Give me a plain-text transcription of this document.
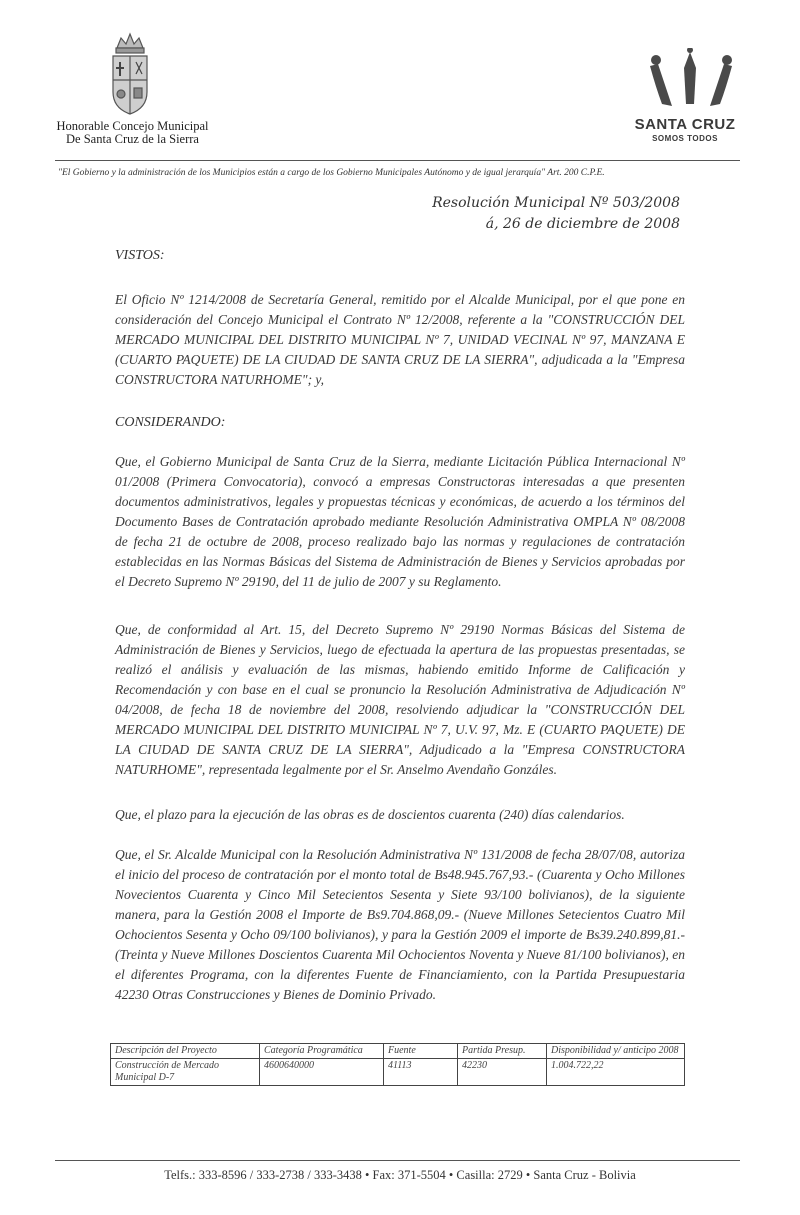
Honorable Concejo Municipal
De Santa Cruz de la Sierra
SANTA CRUZ
SOMOS TODOS
"El Gobierno y la administración de los Municipios están a cargo de los Gobierno Municipales Autónomo y de igual jerarquía" Art. 200 C.P.E.
Resolución Municipal Nº 503/2008
á, 26 de diciembre de 2008
VISTOS:
El Oficio Nº 1214/2008 de Secretaría General, remitido por el Alcalde Municipal, por el que pone en consideración del Concejo Municipal el Contrato Nº 12/2008, referente a la "CONSTRUCCIÓN DEL MERCADO MUNICIPAL DEL DISTRITO MUNICIPAL Nº 7, UNIDAD VECINAL Nº 97, MANZANA E (CUARTO PAQUETE) DE LA CIUDAD DE SANTA CRUZ DE LA SIERRA", adjudicada a la "Empresa CONSTRUCTORA NATURHOME"; y,
CONSIDERANDO:
Que, el Gobierno Municipal de Santa Cruz de la Sierra, mediante Licitación Pública Internacional Nº 01/2008 (Primera Convocatoria), convocó a empresas Constructoras interesadas a que presenten documentos administrativos, legales y propuestas técnicas y económicas, de acuerdo a los términos del Documento Bases de Contratación aprobado mediante Resolución Administrativa OMPLA Nº 08/2008 de fecha 21 de octubre de 2008, proceso realizado bajo las normas y regulaciones de contratación establecidas en las Normas Básicas del Sistema de Administración de Bienes y Servicios aprobadas por el Decreto Supremo Nº 29190, del 11 de julio de 2007 y su Reglamento.
Que, de conformidad al Art. 15, del Decreto Supremo Nº 29190 Normas Básicas del Sistema de Administración de Bienes y Servicios, luego de efectuada la apertura de las propuestas presentadas, se realizó el análisis y evaluación de las mismas, habiendo emitido Informe de Calificación y Recomendación y con base en el cual se pronuncio la Resolución Administrativa de Adjudicación Nº 04/2008, de fecha 18 de noviembre del 2008, resolviendo adjudicar la "CONSTRUCCIÓN DEL MERCADO MUNICIPAL DEL DISTRITO MUNICIPAL Nº 7, U.V. 97, Mz. E (CUARTO PAQUETE) DE LA CIUDAD DE SANTA CRUZ DE LA SIERRA", Adjudicado a la "Empresa CONSTRUCTORA NATURHOME", representada legalmente por el Sr. Anselmo Avendaño Gonzáles.
Que, el plazo para la ejecución de las obras es de doscientos cuarenta (240) días calendarios.
Que, el Sr. Alcalde Municipal con la Resolución Administrativa Nº 131/2008 de fecha 28/07/08, autoriza el inicio del proceso de contratación por el monto total de Bs48.945.767,93.- (Cuarenta y Ocho Millones Novecientos Cuarenta y Cinco Mil Setecientos Sesenta y Siete 93/100 bolivianos), de la siguiente manera, para la Gestión 2008 el Importe de Bs9.704.868,09.- (Nueve Millones Setecientos Cuatro Mil Ochocientos Sesenta y Ocho 09/100 bolivianos), y para la Gestión 2009 el importe de Bs39.240.899,81.- (Treinta y Nueve Millones Doscientos Cuarenta Mil Ochocientos Noventa y Nueve 81/100 bolivianos), en el diferentes Programa, con la diferentes Fuente de Financiamiento, con la Partida Presupuestaria 42230 Otras Construcciones y Bienes de Dominio Privado.
Descripción del Proyecto	Categoría Programática	Fuente	Partida Presup.	Disponibilidad y/ anticipo 2008
Construcción de Mercado Municipal D-7	4600640000	41113	42230	1.004.722,22
Telfs.: 333-8596 / 333-2738 / 333-3438 • Fax: 371-5504 • Casilla: 2729 • Santa Cruz - Bolivia
